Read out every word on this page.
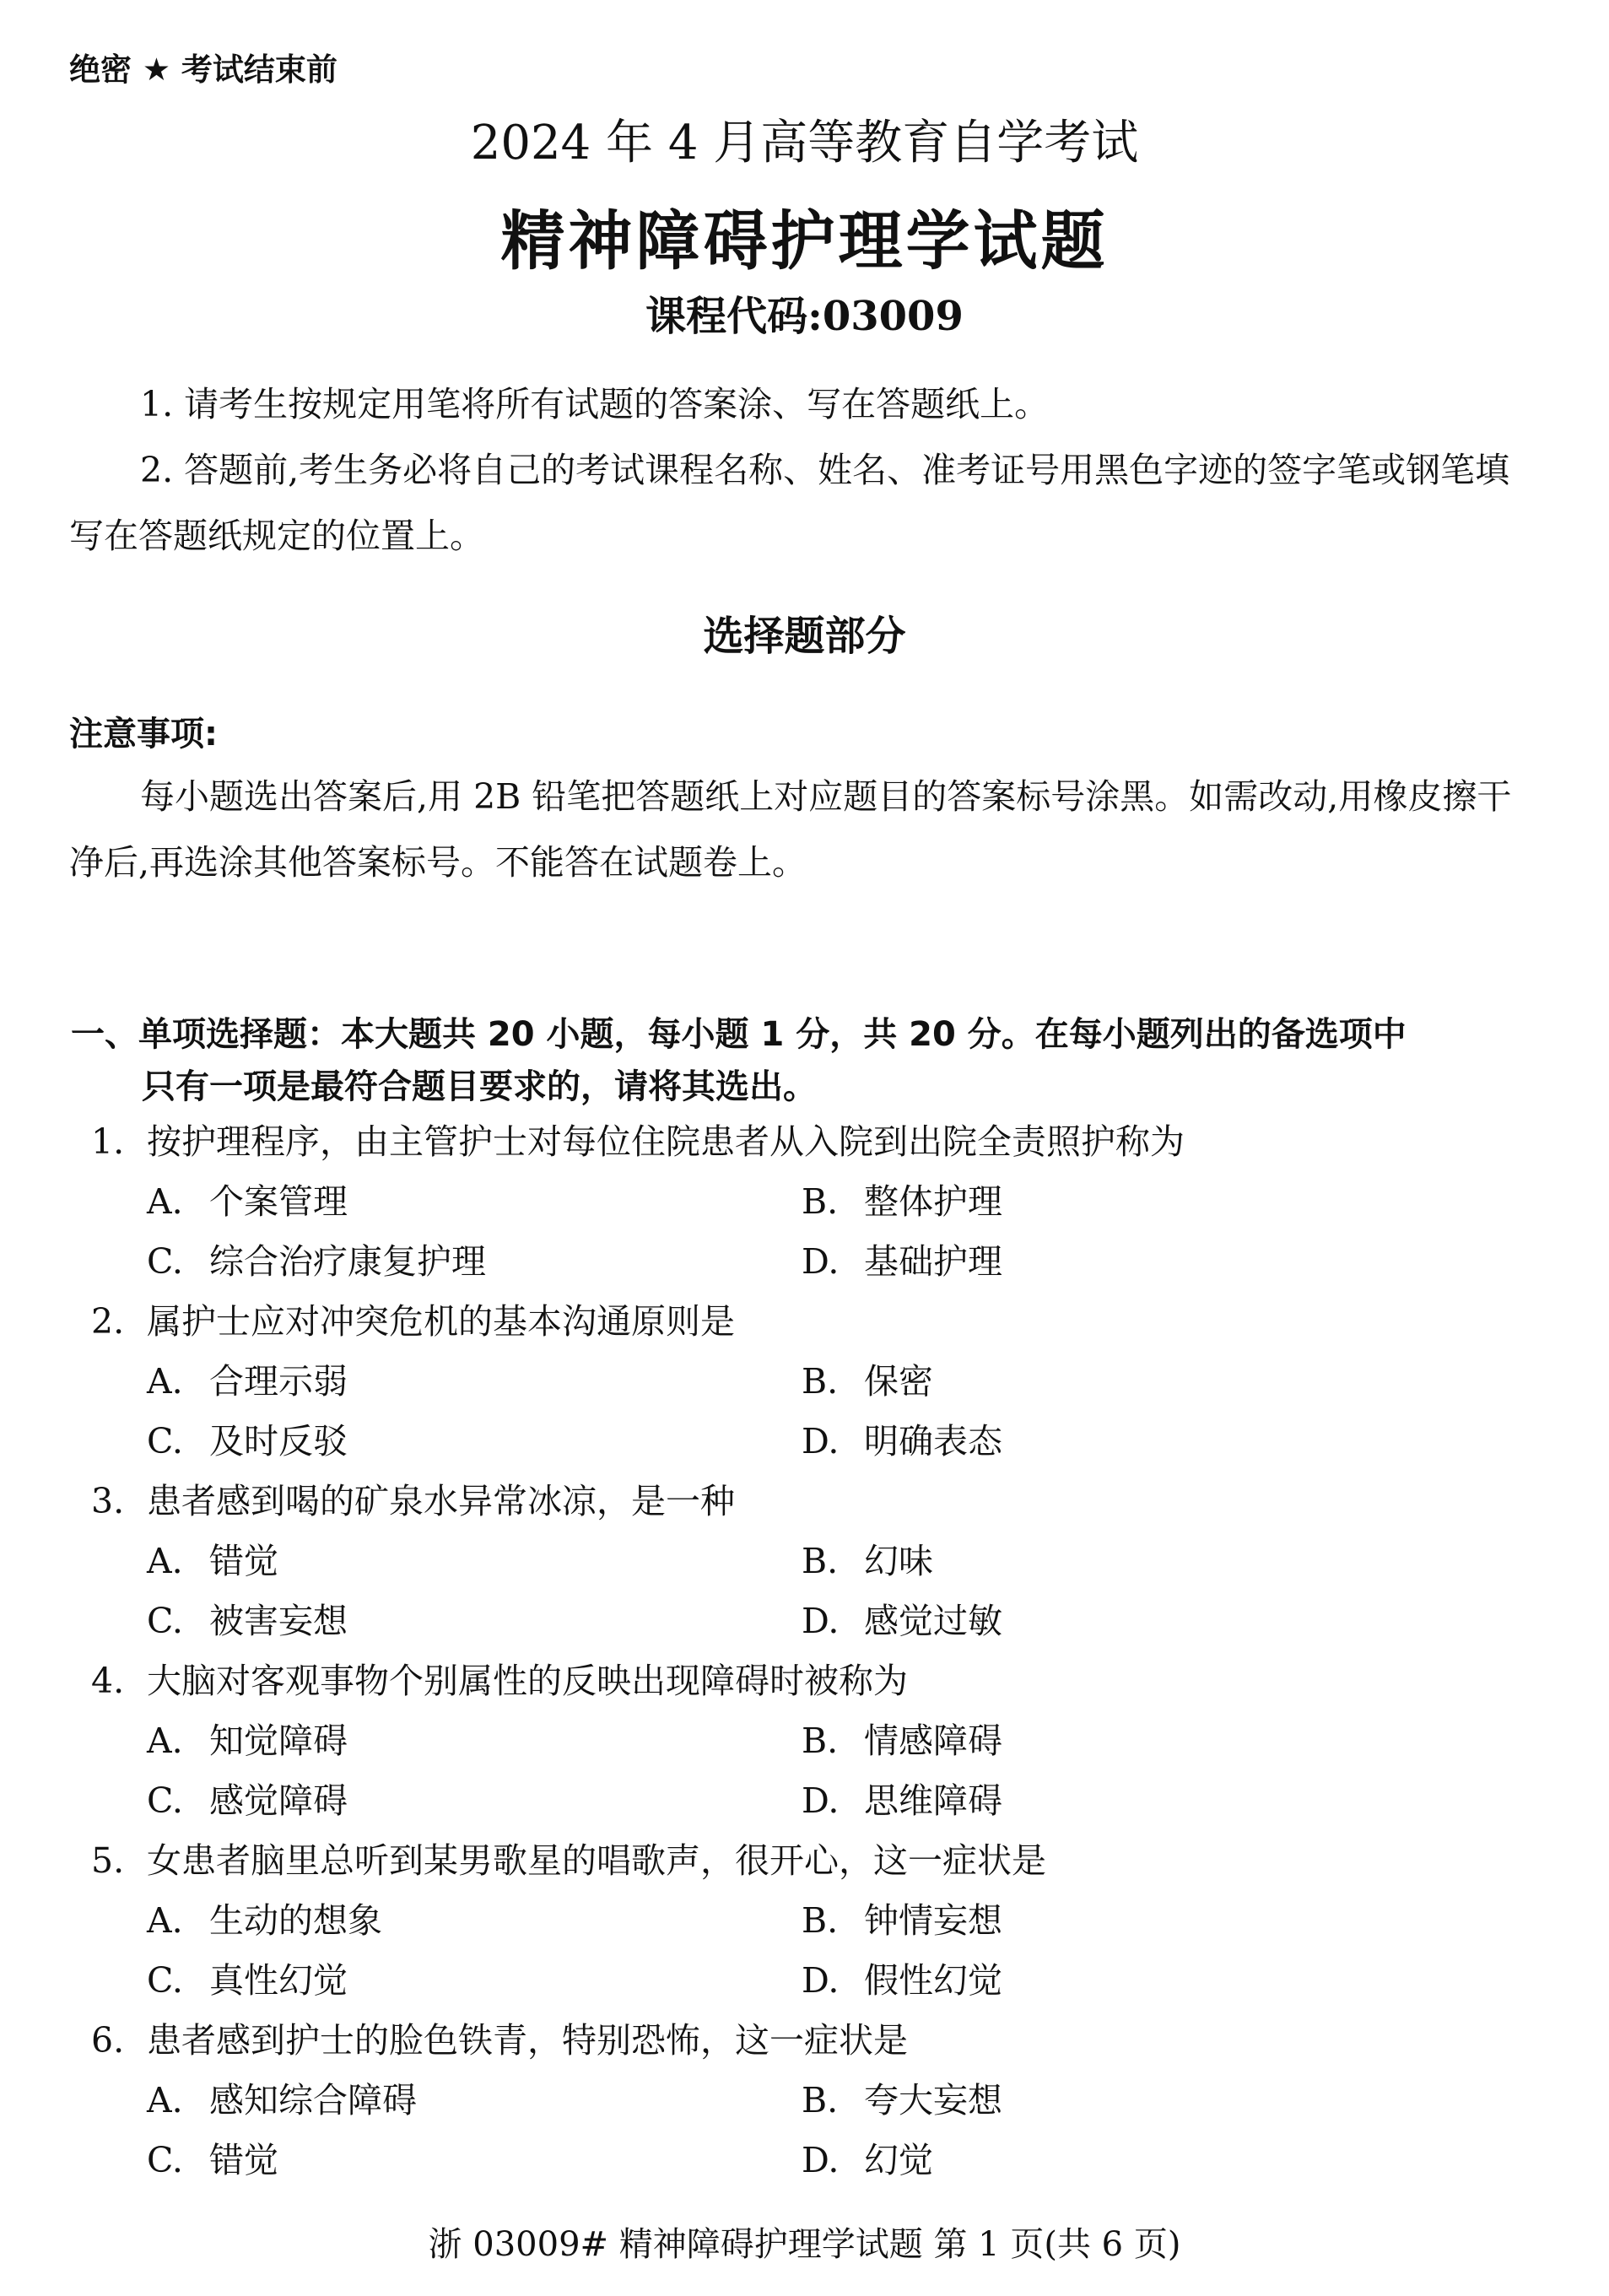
绝密 ★ 考试结束前
2024 年 4 月高等教育自学考试
精神障碍护理学试题
课程代码:03009

1. 请考生按规定用笔将所有试题的答案涂、写在答题纸上。

2. 答题前,考生务必将自己的考试课程名称、姓名、准考证号用黑色字迹的签字笔或钢笔填写在答题纸规定的位置上。

选择题部分
注意事项:

每小题选出答案后,用 2B 铅笔把答题纸上对应题目的答案标号涂黑。如需改动,用橡皮擦干净后,再选涂其他答案标号。不能答在试题卷上。

一、单项选择题：本大题共 20 小题，每小题 1 分，共 20 分。在每小题列出的备选项中
只有一项是最符合题目要求的，请将其选出。
1. 按护理程序，由主管护士对每位住院患者从入院到出院全责照护称为
A. 个案管理	B. 整体护理
C. 综合治疗康复护理	D. 基础护理
2. 属护士应对冲突危机的基本沟通原则是
A. 合理示弱	B. 保密
C. 及时反驳	D. 明确表态
3. 患者感到喝的矿泉水异常冰凉，是一种
A. 错觉	B. 幻味
C. 被害妄想	D. 感觉过敏
4. 大脑对客观事物个别属性的反映出现障碍时被称为
A. 知觉障碍	B. 情感障碍
C. 感觉障碍	D. 思维障碍
5. 女患者脑里总听到某男歌星的唱歌声，很开心，这一症状是
A. 生动的想象	B. 钟情妄想
C. 真性幻觉	D. 假性幻觉
6. 患者感到护士的脸色铁青，特别恐怖，这一症状是
A. 感知综合障碍	B. 夸大妄想
C. 错觉	D. 幻觉
浙 03009# 精神障碍护理学试题 第 1 页(共 6 页)
